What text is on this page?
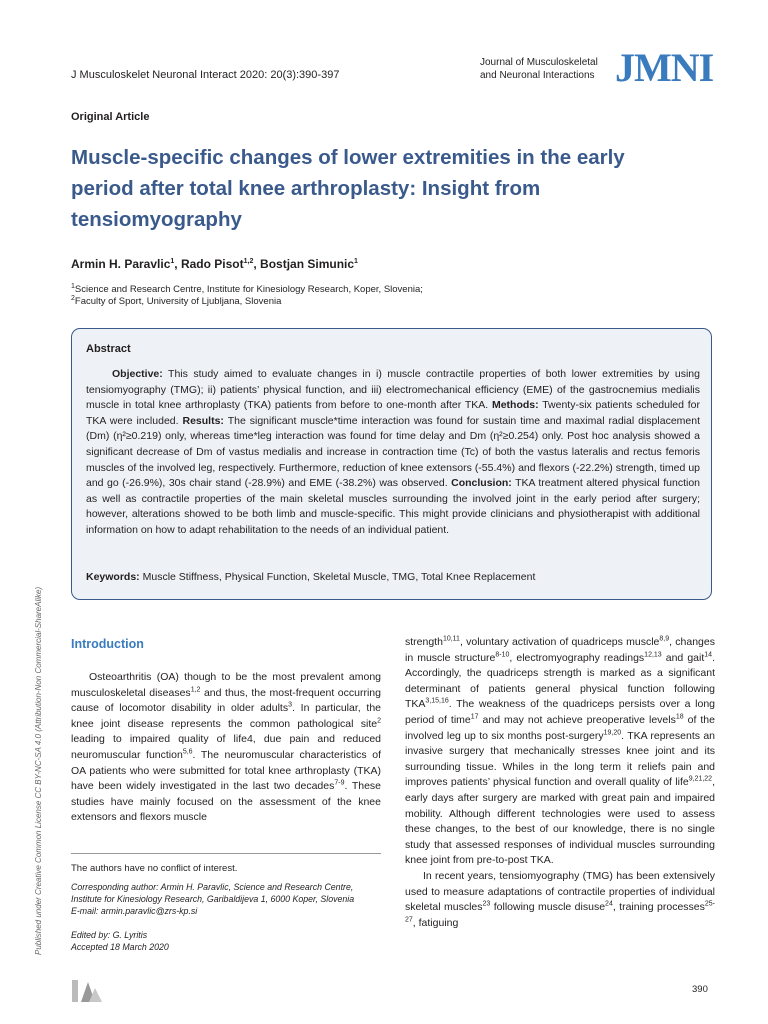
J Musculoskelet Neuronal Interact 2020: 20(3):390-397
Journal of Musculoskeletal
and Neuronal Interactions JMNI
Original Article
Muscle-specific changes of lower extremities in the early period after total knee arthroplasty: Insight from tensiomyography
Armin H. Paravlic$^1$, Rado Pisot$^{1,2}$, Bostjan Simunic$^1$
$^1$Science and Research Centre, Institute for Kinesiology Research, Koper, Slovenia;
$^2$Faculty of Sport, University of Ljubljana, Slovenia
Abstract
Objective: This study aimed to evaluate changes in i) muscle contractile properties of both lower extremities by using tensiomyography (TMG); ii) patients’ physical function, and iii) electromechanical efficiency (EME) of the gastrocnemius medialis muscle in total knee arthroplasty (TKA) patients from before to one-month after TKA. Methods: Twenty-six patients scheduled for TKA were included. Results: The significant muscle*time interaction was found for sustain time and maximal radial displacement (Dm) (η²≥0.219) only, whereas time*leg interaction was found for time delay and Dm (η²≥0.254) only. Post hoc analysis showed a significant decrease of Dm of vastus medialis and increase in contraction time (Tc) of both the vastus lateralis and rectus femoris muscles of the involved leg, respectively. Furthermore, reduction of knee extensors (-55.4%) and flexors (-22.2%) strength, timed up and go (-26.9%), 30s chair stand (-28.9%) and EME (-38.2%) was observed. Conclusion: TKA treatment altered physical function as well as contractile properties of the main skeletal muscles surrounding the involved joint in the early period after surgery; however, alterations showed to be both limb and muscle-specific. This might provide clinicians and physiotherapist with additional information on how to adapt rehabilitation to the needs of an individual patient.
Keywords: Muscle Stiffness, Physical Function, Skeletal Muscle, TMG, Total Knee Replacement
Published under Creative Common License CC BY-NC-SA 4.0 (Attribution-Non Commercial-ShareAlike) Introduction
Osteoarthritis (OA) though to be the most prevalent among musculoskeletal diseases$^{1,2}$ and thus, the most-frequent occurring cause of locomotor disability in older adults$^3$. In particular, the knee joint disease represents the common pathological site$^2$ leading to impaired quality of life4, due pain and reduced neuromuscular function$^{5,6}$. The neuromuscular characteristics of OA patients who were submitted for total knee arthroplasty (TKA) have been widely investigated in the last two decades$^{7-9}$. These studies have mainly focused on the assessment of the knee extensors and flexors muscle

strength$^{10,11}$, voluntary activation of quadriceps muscle$^{8,9}$, changes in muscle structure$^{8-10}$, electromyography readings$^{12,13}$ and gait$^{14}$. Accordingly, the quadriceps strength is marked as a significant determinant of patients general physical function following TKA$^{3,15,16}$. The weakness of the quadriceps persists over a long period of time$^{17}$ and may not achieve preoperative levels$^{18}$ of the involved leg up to six months post-surgery$^{19,20}$. TKA represents an invasive surgery that mechanically stresses knee joint and its surrounding tissue. Whiles in the long term it reliefs pain and improves patients’ physical function and overall quality of life$^{9,21,22}$, early days after surgery are marked with great pain and impaired mobility. Although different technologies were used to assess these changes, to the best of our knowledge, there is no single study that assessed responses of individual muscles surrounding knee joint from pre-to-post TKA.

In recent years, tensiomyography (TMG) has been extensively used to measure adaptations of contractile properties of individual skeletal muscles$^{23}$ following muscle disuse$^{24}$, training processes$^{25-27}$, fatiguing

The authors have no conflict of interest.
Corresponding author: Armin H. Paravlic, Science and Research Centre,
Institute for Kinesiology Research, Garibaldijeva 1, 6000 Koper, Slovenia
E-mail: armin.paravlic@zrs-kp.si
Edited by: G. Lyritis
Accepted 18 March 2020
390
